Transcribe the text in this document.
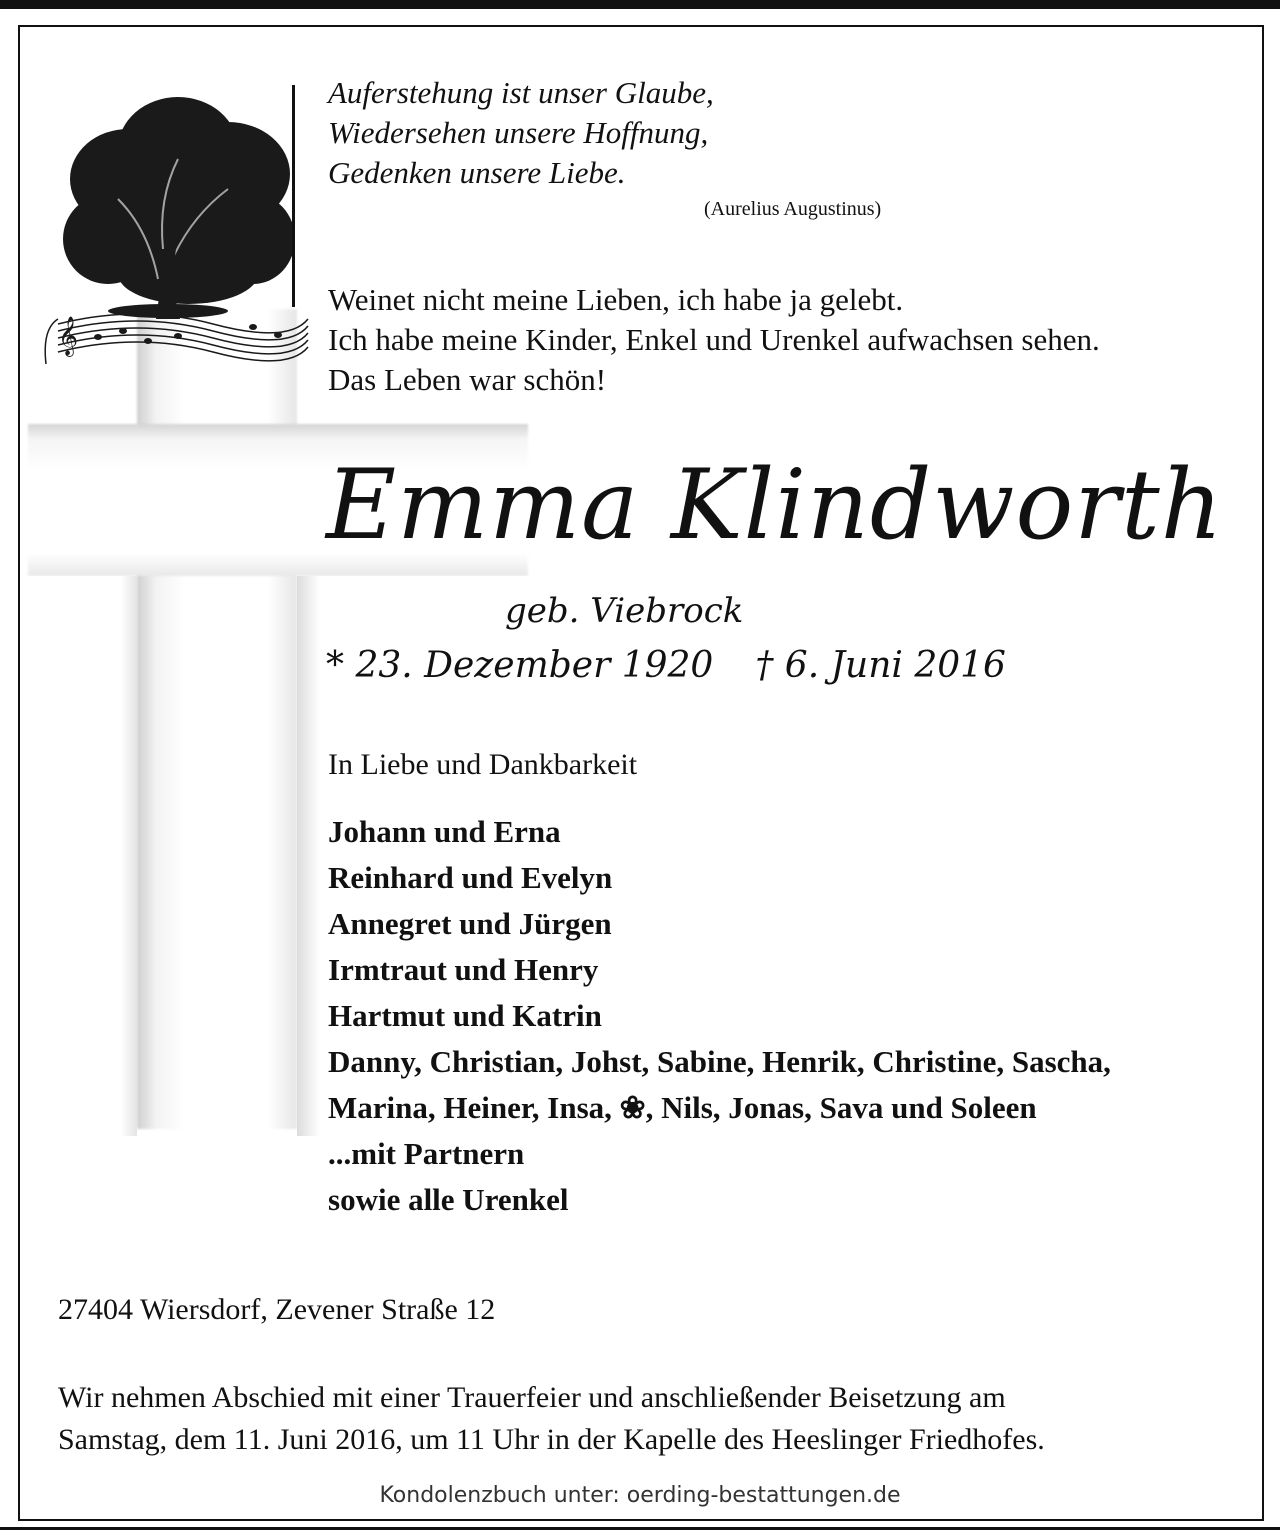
𝄞
Auferstehung ist unser Glaube,
Wiedersehen unsere Hoffnung,
Gedenken unsere Liebe.
(Aurelius Augustinus)
Weinet nicht meine Lieben, ich habe ja gelebt.
Ich habe meine Kinder, Enkel und Urenkel aufwachsen sehen.
Das Leben war schön!
Emma Klindworth
geb. Viebrock
* 23. Dezember 1920 † 6. Juni 2016
In Liebe und Dankbarkeit
Johann und Erna
Reinhard und Evelyn
Annegret und Jürgen
Irmtraut und Henry
Hartmut und Katrin
Danny, Christian, Johst, Sabine, Henrik, Christine, Sascha,
Marina, Heiner, Insa, ❀, Nils, Jonas, Sava und Soleen
...mit Partnern
sowie alle Urenkel
27404 Wiersdorf, Zevener Straße 12
Wir nehmen Abschied mit einer Trauerfeier und anschließender Beisetzung am
Samstag, dem 11. Juni 2016, um 11 Uhr in der Kapelle des Heeslinger Friedhofes.
Kondolenzbuch unter: oerding-bestattungen.de
